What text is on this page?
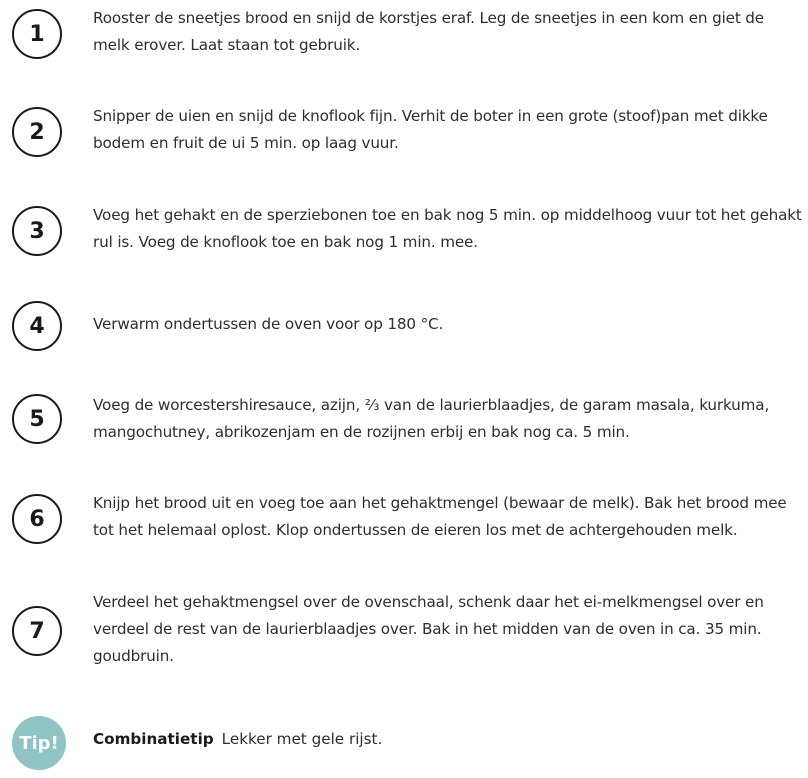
1
Rooster de sneetjes brood en snijd de korstjes eraf. Leg de sneetjes in een kom en giet de melk erover. Laat staan tot gebruik.
2
Snipper de uien en snijd de knoflook fijn. Verhit de boter in een grote (stoof)pan met dikke bodem en fruit de ui 5 min. op laag vuur.
3
Voeg het gehakt en de sperziebonen toe en bak nog 5 min. op middelhoog vuur tot het gehakt rul is. Voeg de knoflook toe en bak nog 1 min. mee.
4	Verwarm ondertussen de oven voor op 180 °C.
5
Voeg de worcestershiresauce, azijn, ⅔ van de laurierblaadjes, de garam masala, kurkuma, mangochutney, abrikozenjam en de rozijnen erbij en bak nog ca. 5 min.
6
Knijp het brood uit en voeg toe aan het gehaktmengel (bewaar de melk). Bak het brood mee tot het helemaal oplost. Klop ondertussen de eieren los met de achtergehouden melk.
7
Verdeel het gehaktmengsel over de ovenschaal, schenk daar het ei-melkmengsel over en verdeel de rest van de laurierblaadjes over. Bak in het midden van de oven in ca. 35 min. goudbruin.
Tip!	Combinatietip Lekker met gele rijst.
